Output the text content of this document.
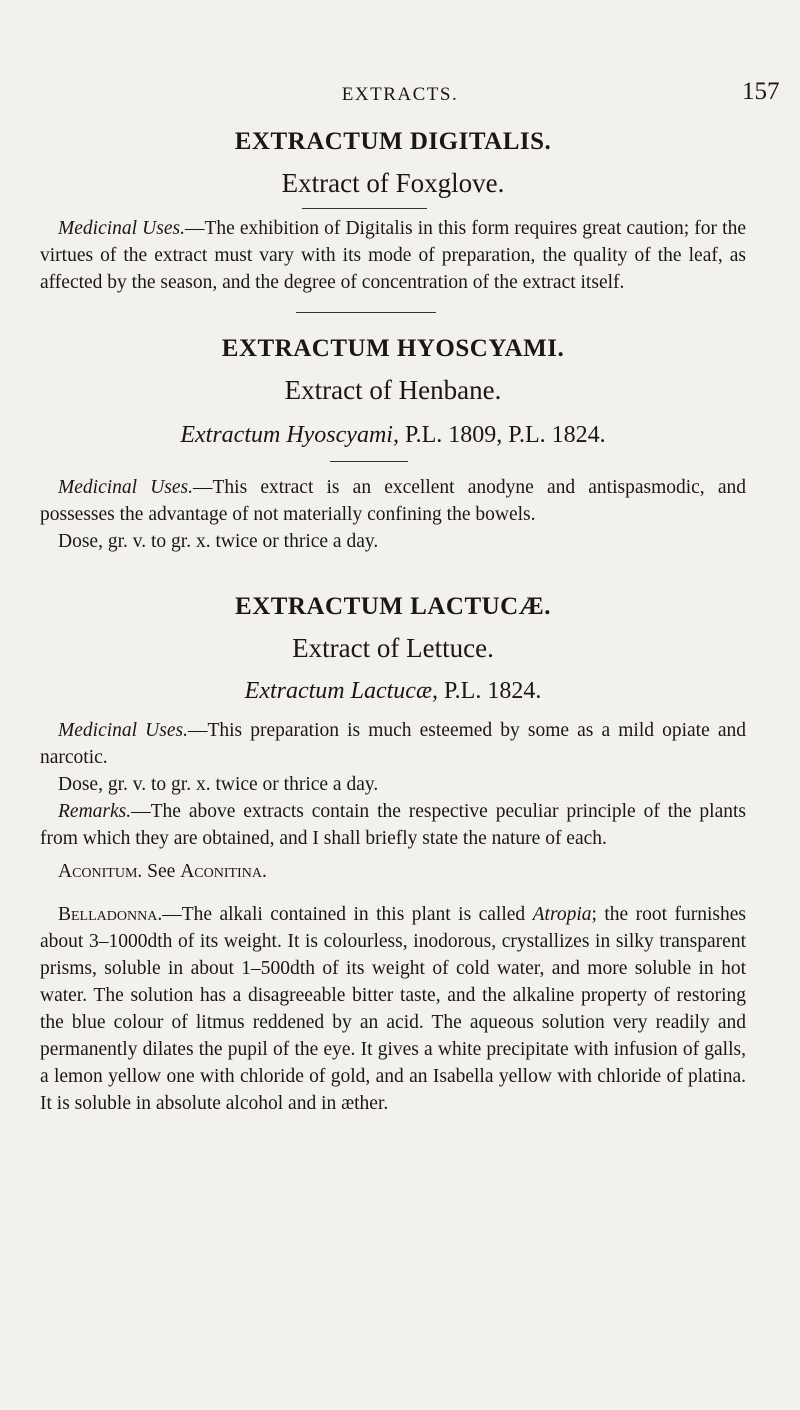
EXTRACTS.	157
EXTRACTUM DIGITALIS.
Extract of Foxglove.

Medicinal Uses.—The exhibition of Digitalis in this form requires great caution; for the virtues of the extract must vary with its mode of preparation, the quality of the leaf, as affected by the season, and the degree of concentration of the extract itself.

EXTRACTUM HYOSCYAMI.
Extract of Henbane.
Extractum Hyoscyami, P.L. 1809, P.L. 1824.

Medicinal Uses.—This extract is an excellent anodyne and antispasmodic, and possesses the advantage of not materially confining the bowels.

Dose, gr. v. to gr. x. twice or thrice a day.

EXTRACTUM LACTUCÆ.
Extract of Lettuce.
Extractum Lactucæ, P.L. 1824.

Medicinal Uses.—This preparation is much esteemed by some as a mild opiate and narcotic.

Dose, gr. v. to gr. x. twice or thrice a day.

Remarks.—The above extracts contain the respective peculiar principle of the plants from which they are obtained, and I shall briefly state the nature of each.

Aconitum. See Aconitina.

Belladonna.—The alkali contained in this plant is called Atropia; the root furnishes about 3–1000dth of its weight. It is colourless, inodorous, crystallizes in silky transparent prisms, soluble in about 1–500dth of its weight of cold water, and more soluble in hot water. The solution has a disagreeable bitter taste, and the alkaline property of restoring the blue colour of litmus reddened by an acid. The aqueous solution very readily and permanently dilates the pupil of the eye. It gives a white precipitate with infusion of galls, a lemon yellow one with chloride of gold, and an Isabella yellow with chloride of platina. It is soluble in absolute alcohol and in æther.
